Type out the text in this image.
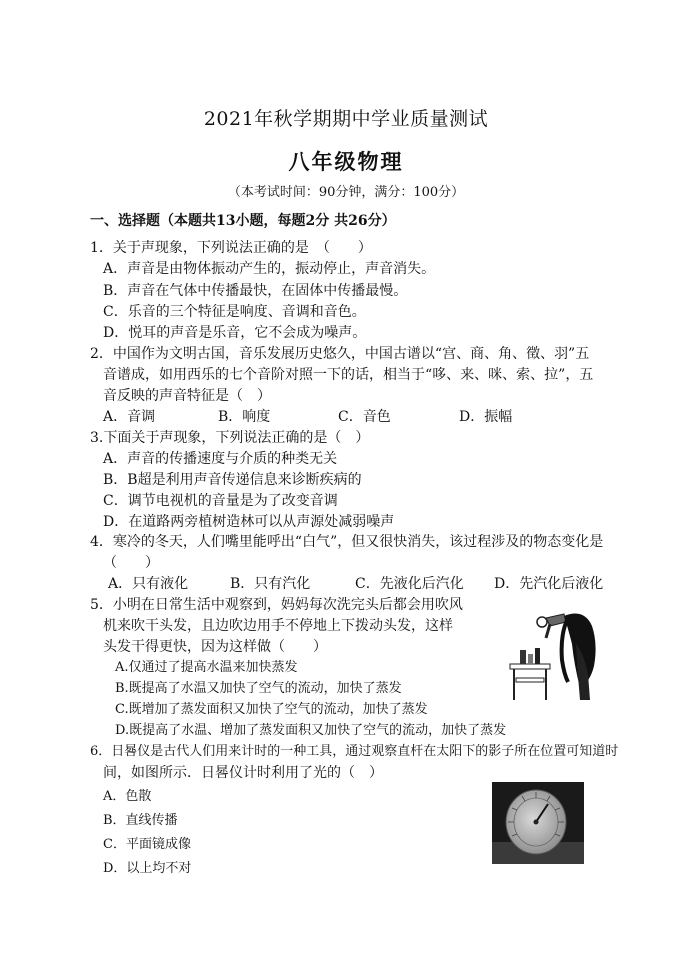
2021年秋学期期中学业质量测试
八年级物理
（本考试时间：90分钟，满分：100分）
一、选择题（本题共13小题，每题2分 共26分）
1．关于声现象，下列说法正确的是　（　　）
A．声音是由物体振动产生的，振动停止，声音消失。
B．声音在气体中传播最快，在固体中传播最慢。
C．乐音的三个特征是响度、音调和音色。
D．悦耳的声音是乐音，它不会成为噪声。
2．中国作为文明古国，音乐发展历史悠久，中国古谱以“宫、商、角、徵、羽”五
音谱成，如用西乐的七个音阶对照一下的话，相当于“哆、来、咪、索、拉”，五
音反映的声音特征是（　）
A．音调	B．响度	C．音色	D．振幅
3.下面关于声现象，下列说法正确的是（　）
A．声音的传播速度与介质的种类无关
B．B超是利用声音传递信息来诊断疾病的
C．调节电视机的音量是为了改变音调
D．在道路两旁植树造林可以从声源处减弱噪声
4．寒冷的冬天，人们嘴里能呼出“白气”，但又很快消失，该过程涉及的物态变化是
（　　）
A．只有液化	B．只有汽化	C．先液化后汽化 D．先汽化后液化
5．小明在日常生活中观察到，妈妈每次洗完头后都会用吹风
机来吹干头发，且边吹边用手不停地上下拨动头发，这样
头发干得更快，因为这样做（　　）
A.仅通过了提高水温来加快蒸发
B.既提高了水温又加快了空气的流动，加快了蒸发
C.既增加了蒸发面积又加快了空气的流动，加快了蒸发
D.既提高了水温、增加了蒸发面积又加快了空气的流动，加快了蒸发
6．日晷仪是古代人们用来计时的一种工具，通过观察直杆在太阳下的影子所在位置可知道时
间，如图所示．日晷仪计时利用了光的（　）
A．色散
B．直线传播
C．平面镜成像
D．以上均不对
